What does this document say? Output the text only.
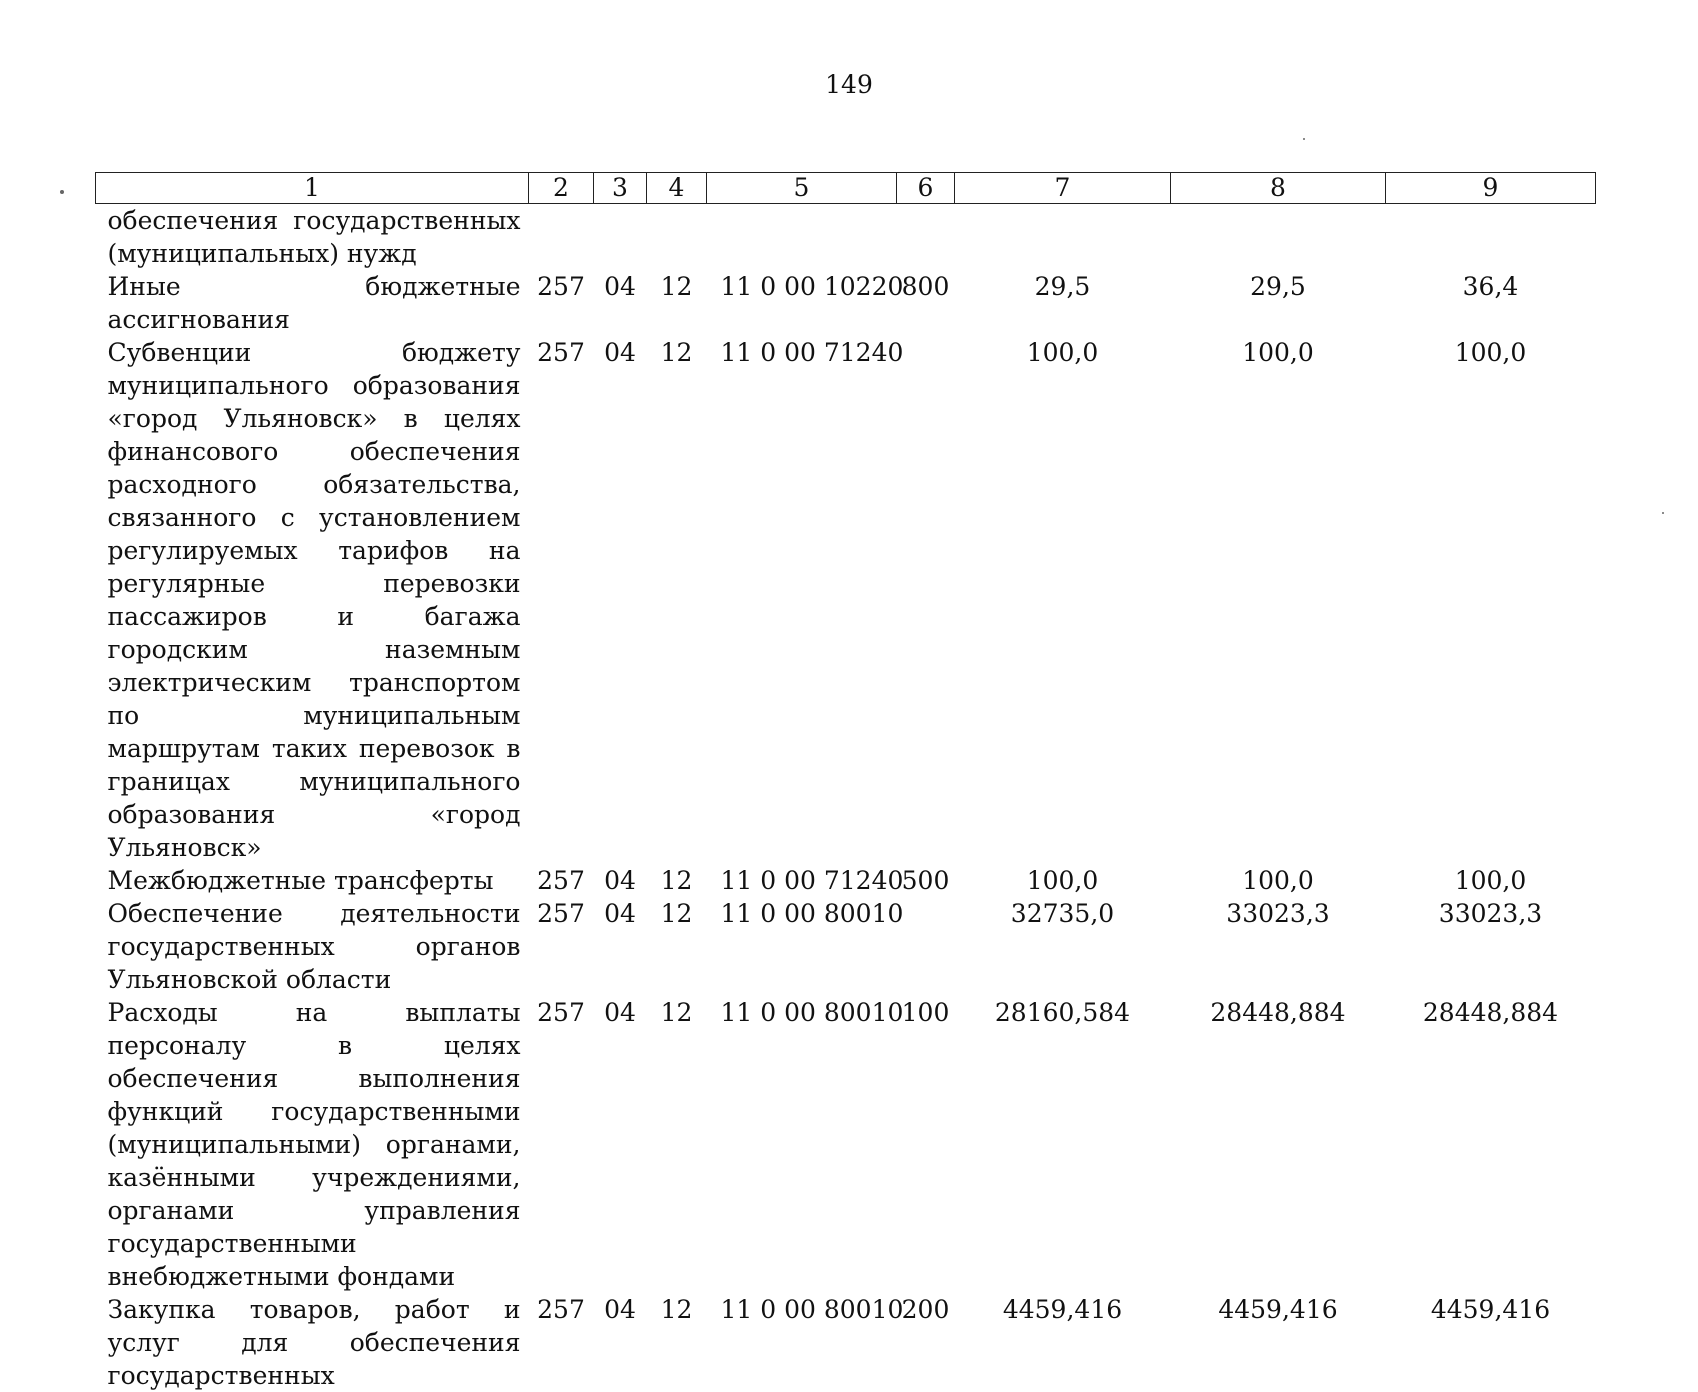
149
1	2	3	4	5	6	7	8	9
обеспечения государственных (муниципальных) нужд								
Иные бюджетные ассигнования	257	04	12	11 0 00 10220	800	29,5	29,5	36,4
Субвенции бюджету муниципального образования «город Ульяновск» в целях финансового обеспечения расходного обязательства, связанного с установлением регулируемых тарифов на регулярные перевозки пассажиров и багажа городским наземным электрическим транспортом по муниципальным маршрутам таких перевозок в границах муниципального образования «город Ульяновск»	257	04	12	11 0 00 71240		100,0	100,0	100,0
Межбюджетные трансферты	257	04	12	11 0 00 71240	500	100,0	100,0	100,0
Обеспечение деятельности государственных органов Ульяновской области	257	04	12	11 0 00 80010		32735,0	33023,3	33023,3
Расходы на выплаты персоналу в целях обеспечения выполнения функций государственными (муниципальными) органами, казёнными учреждениями, органами управления государственными внебюджетными фондами	257	04	12	11 0 00 80010	100	28160,584	28448,884	28448,884
Закупка товаров, работ и услуг для обеспечения государственных	257	04	12	11 0 00 80010	200	4459,416	4459,416	4459,416
